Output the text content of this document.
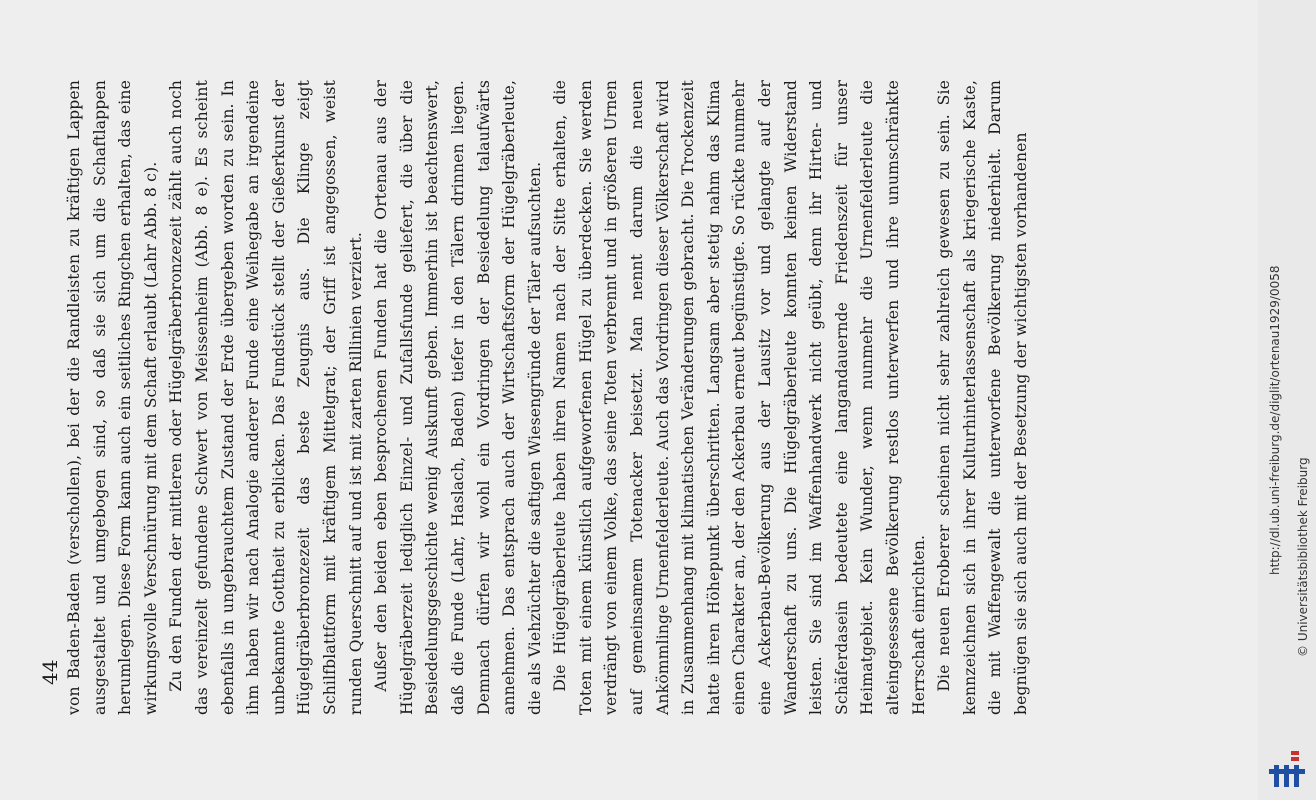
44 von Baden-Baden (verschollen), bei der die Randleisten zu kräftigen Lappen ausgestaltet und umgebogen sind, so daß sie sich um die Schaftlappen herumlegen. Diese Form kann auch ein seitliches Ringchen erhalten, das eine wirkungsvolle Verschnürung mit dem Schaft erlaubt (Lahr Abb. 8 c). Zu den Funden der mittleren oder Hügelgräberbronzezeit zählt auch noch das vereinzelt gefundene Schwert von Meissenheim (Abb. 8 e). Es scheint ebenfalls in ungebrauchtem Zustand der Erde übergeben worden zu sein. In ihm haben wir nach Analogie anderer Funde eine Weihegabe an irgendeine unbekannte Gottheit zu erblicken. Das Fundstück stellt der Gießerkunst der Hügelgräberbronzezeit das beste Zeugnis aus. Die Klinge zeigt Schilfblattform mit kräftigem Mittelgrat; der Griff ist angegossen, weist runden Querschnitt auf und ist mit zarten Rillinien verziert. Außer den beiden eben besprochenen Funden hat die Ortenau aus der Hügelgräberzeit lediglich Einzel- und Zufallsfunde geliefert, die über die Besiedelungsgeschichte wenig Auskunft geben. Immerhin ist beachtenswert, daß die Funde (Lahr, Haslach, Baden) tiefer in den Tälern drinnen liegen. Demnach dürfen wir wohl ein Vordringen der Besiedelung talaufwärts annehmen. Das entsprach auch der Wirtschaftsform der Hügelgräberleute, die als Viehzüchter die saftigen Wiesengründe der Täler aufsuchten. Die Hügelgräberleute haben ihren Namen nach der Sitte erhalten, die Toten mit einem künstlich aufgeworfenen Hügel zu überdecken. Sie werden verdrängt von einem Volke, das seine Toten verbrennt und in größeren Urnen auf gemeinsamem Totenacker beisetzt. Man nennt darum die neuen Ankömmlinge Urnenfelderleute. Auch das Vordringen dieser Völkerschaft wird in Zusammenhang mit klimatischen Veränderungen gebracht. Die Trockenzeit hatte ihren Höhepunkt überschritten. Langsam aber stetig nahm das Klima einen Charakter an, der den Ackerbau erneut begünstigte. So rückte nunmehr eine Ackerbau-Bevölkerung aus der Lausitz vor und gelangte auf der Wanderschaft zu uns. Die Hügelgräberleute konnten keinen Widerstand leisten. Sie sind im Waffenhandwerk nicht geübt, denn ihr Hirten- und Schäferdasein bedeutete eine langandauernde Friedenszeit für unser Heimatgebiet. Kein Wunder, wenn nunmehr die Urnenfelderleute die alteingesessene Bevölkerung restlos unterwerfen und ihre unumschränkte Herrschaft einrichten. Die neuen Eroberer scheinen nicht sehr zahlreich gewesen zu sein. Sie kennzeichnen sich in ihrer Kulturhinterlassenschaft als kriegerische Kaste, die mit Waffengewalt die unterworfene Bevölkerung niederhielt. Darum begnügen sie sich auch mit der Besetzung der wichtigsten vorhandenen	http://dl.ub.uni-freiburg.de/diglit/ortenau1929/0058 © Universitätsbibliothek Freiburg
